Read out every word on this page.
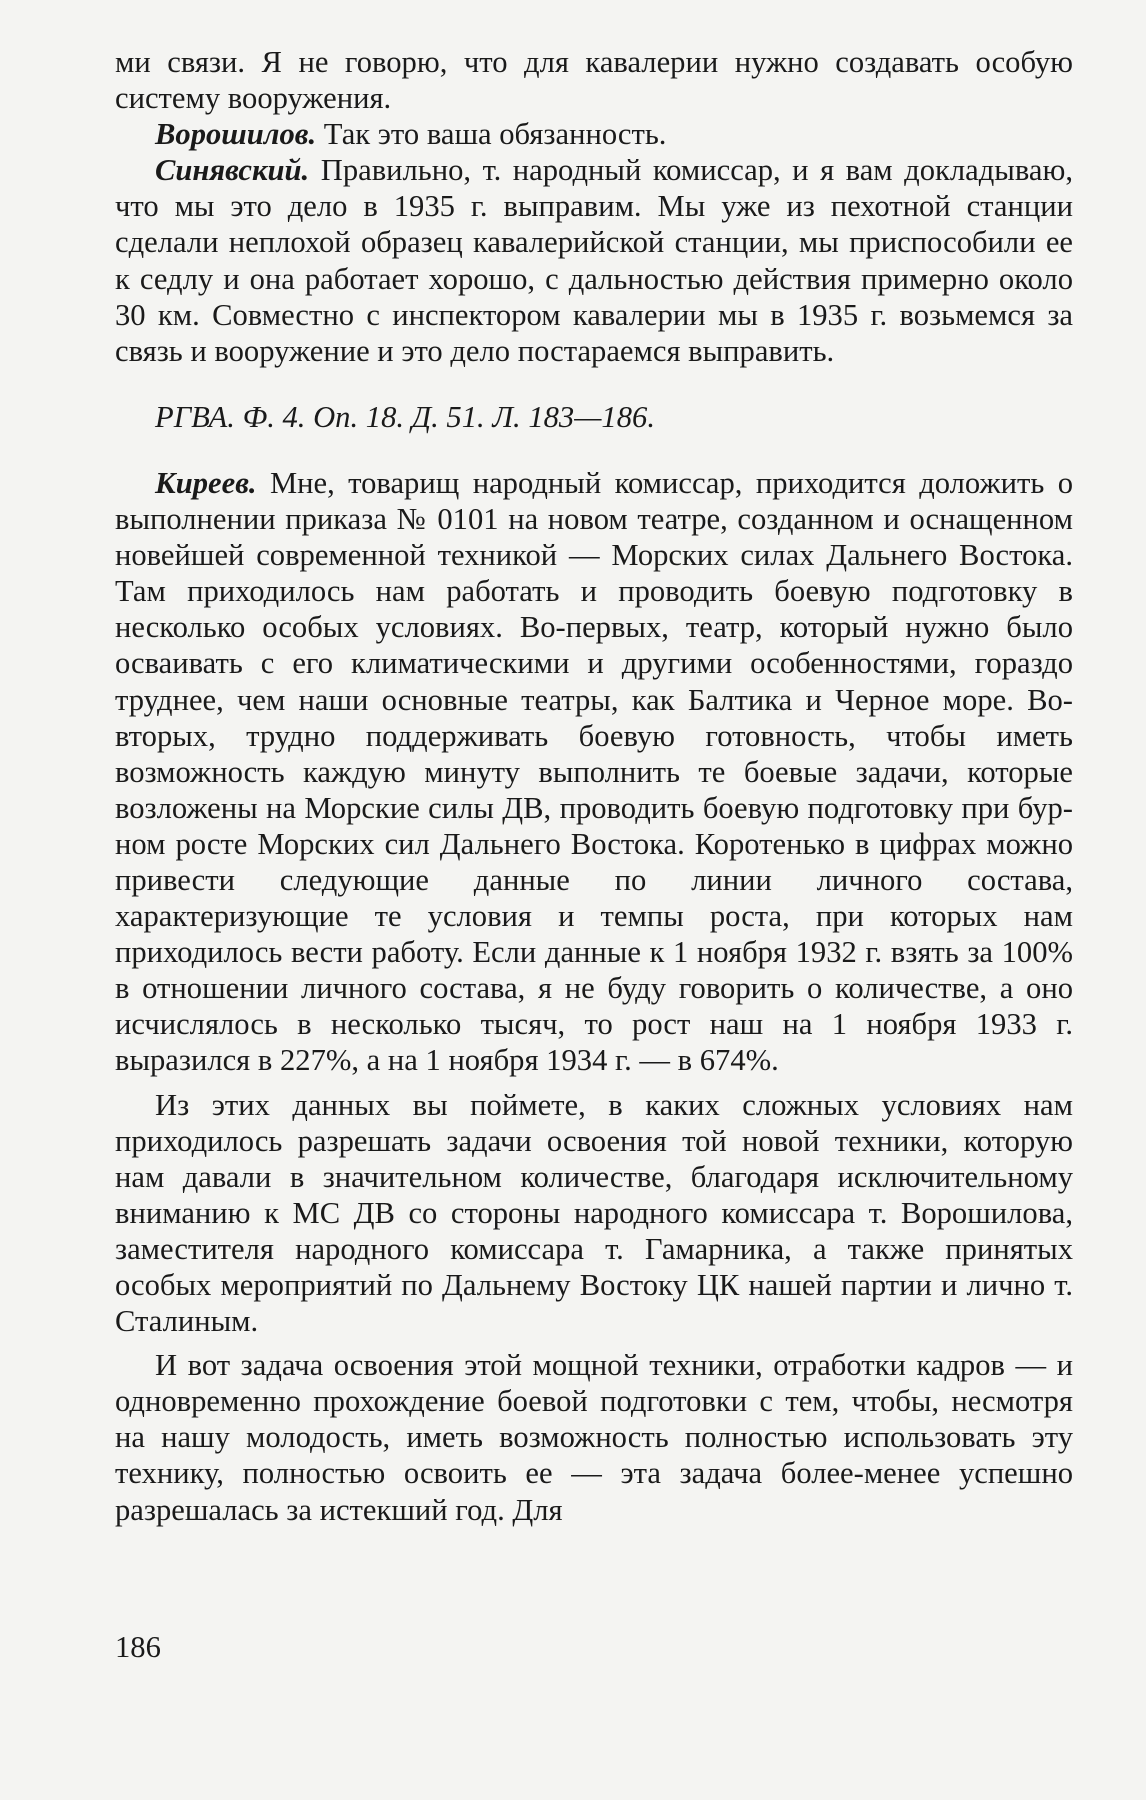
ми связи. Я не говорю, что для кавалерии нужно создавать особую систему вооружения.

Ворошилов. Так это ваша обязанность.

Синявский. Правильно, т. народный комиссар, и я вам докладываю, что мы это дело в 1935 г. выправим. Мы уже из пехотной станции сделали неплохой образец кавалерийской станции, мы приспособили ее к седлу и она работает хорошо, с дальностью действия примерно около 30 км. Совместно с инспектором кавалерии мы в 1935 г. возьмемся за связь и вооружение и это дело постараемся выправить.

РГВА. Ф. 4. Оп. 18. Д. 51. Л. 183—186.

Киреев. Мне, товарищ народный комиссар, приходится доложить о выполнении приказа № 0101 на новом театре, созданном и оснащенном новейшей современной техникой — Морских силах Дальнего Востока. Там приходилось нам работать и проводить боевую подготовку в несколько особых условиях. Во-первых, театр, который нужно было осваивать с его климатическими и другими особенностями, гораздо труднее, чем наши основные театры, как Балтика и Черное море. Во-вторых, трудно поддерживать боевую готовность, чтобы иметь возможность каждую минуту выполнить те боевые задачи, которые возложены на Морские силы ДВ, проводить боевую подготовку при бурном росте Морских сил Дальнего Востока. Коротенько в цифрах можно привести следующие данные по линии личного состава, характеризующие те условия и темпы роста, при которых нам приходилось вести работу. Если данные к 1 ноября 1932 г. взять за 100% в отношении личного состава, я не буду говорить о количестве, а оно исчислялось в несколько тысяч, то рост наш на 1 ноября 1933 г. выразился в 227%, а на 1 ноября 1934 г. — в 674%.

Из этих данных вы поймете, в каких сложных условиях нам приходилось разрешать задачи освоения той новой техники, которую нам давали в значительном количестве, благодаря исключительному вниманию к МС ДВ со стороны народного комиссара т. Ворошилова, заместителя народного комиссара т. Гамарника, а также принятых особых мероприятий по Дальнему Востоку ЦК нашей партии и лично т. Сталиным.

И вот задача освоения этой мощной техники, отработки кадров — и одновременно прохождение боевой подготовки с тем, чтобы, несмотря на нашу молодость, иметь возможность полностью использовать эту технику, полностью освоить ее — эта задача более-менее успешно разрешалась за истекший год. Для

186
